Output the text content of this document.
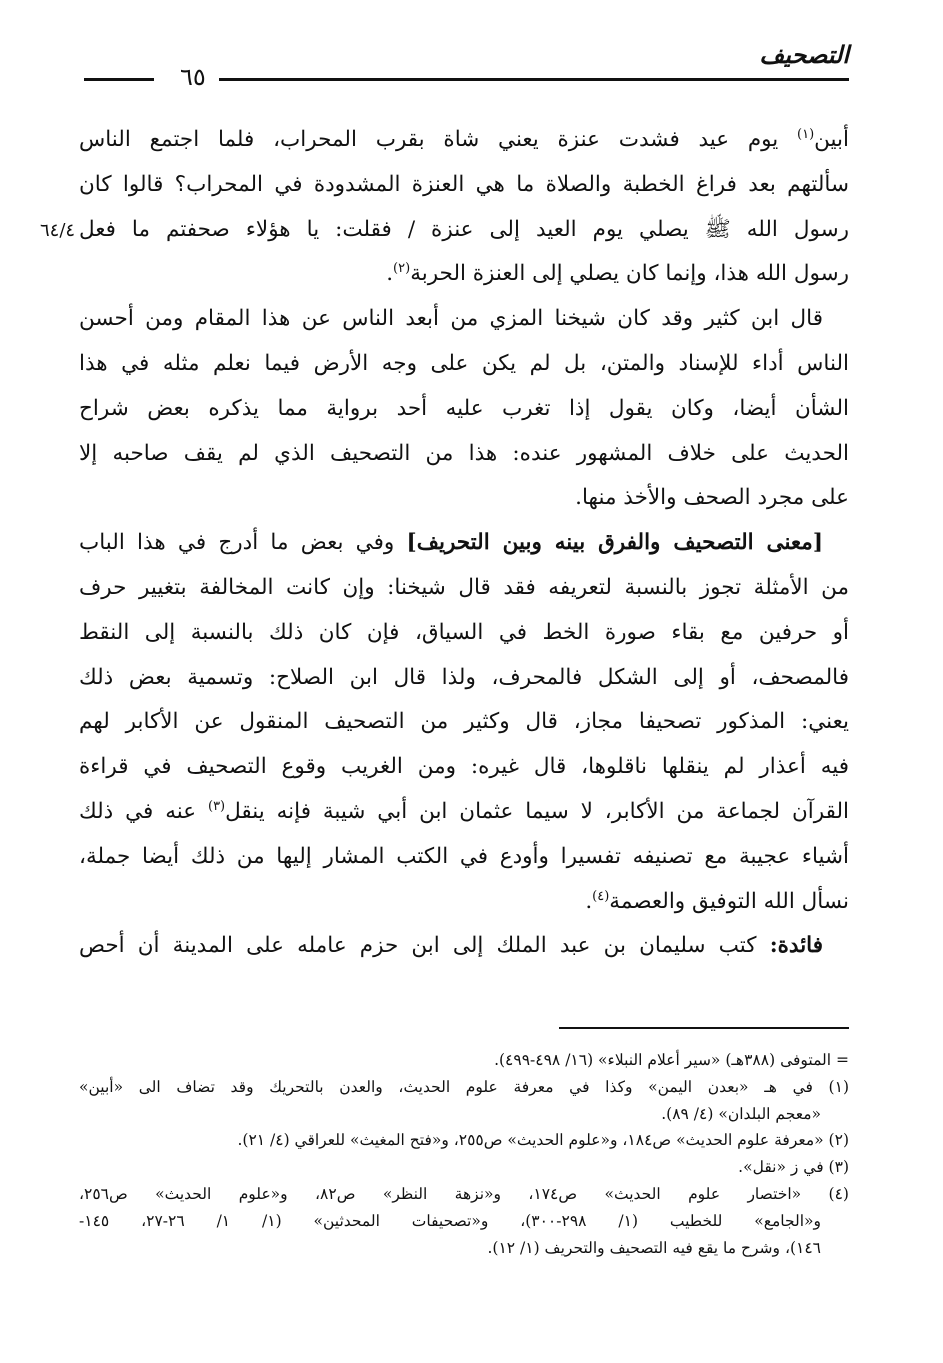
التصحيف
٦٥
٦٤/٤
أبين$^{(١)}$ يوم عيد فشدت عنزة يعني شاة بقرب المحراب، فلما اجتمع الناس
سألتهم بعد فراغ الخطبة والصلاة ما هي العنزة المشدودة في المحراب؟ قالوا كان
رسول الله ﷺ يصلي يوم العيد إلى عنزة / فقلت: يا هؤلاء صحفتم ما فعل
رسول الله هذا، وإنما كان يصلي إلى العنزة الحربة$^{(٢)}$.
قال ابن كثير وقد كان شيخنا المزي من أبعد الناس عن هذا المقام ومن أحسن
الناس أداء للإسناد والمتن، بل لم يكن على وجه الأرض فيما نعلم مثله في هذا
الشأن أيضا، وكان يقول إذا تغرب عليه أحد برواية مما يذكره بعض شراح
الحديث على خلاف المشهور عنده: هذا من التصحيف الذي لم يقف صاحبه إلا
على مجرد الصحف والأخذ منها.
[معنى التصحيف والفرق بينه وبين التحريف] وفي بعض ما أدرج في هذا الباب
من الأمثلة تجوز بالنسبة لتعريفه فقد قال شيخنا: وإن كانت المخالفة بتغيير حرف
أو حرفين مع بقاء صورة الخط في السياق، فإن كان ذلك بالنسبة إلى النقط
فالمصحف، أو إلى الشكل فالمحرف، ولذا قال ابن الصلاح: وتسمية بعض ذلك
يعني: المذكور تصحيفا مجاز، قال وكثير من التصحيف المنقول عن الأكابر لهم
فيه أعذار لم ينقلها ناقلوها، قال غيره: ومن الغريب وقوع التصحيف في قراءة
القرآن لجماعة من الأكابر، لا سيما عثمان ابن أبي شيبة فإنه ينقل$^{(٣)}$ عنه في ذلك
أشياء عجيبة مع تصنيفه تفسيرا وأودع في الكتب المشار إليها من ذلك أيضا جملة،
نسأل الله التوفيق والعصمة$^{(٤)}$.
فائدة: كتب سليمان بن عبد الملك إلى ابن حزم عامله على المدينة أن أحص
= المتوفى (٣٨٨هـ) «سير أعلام النبلاء» (١٦/ ٤٩٨-٤٩٩).
(١) في هـ «بعدن اليمن» وكذا في معرفة علوم الحديث، والعدن بالتحريك وقد تضاف الى «أبين»
«معجم البلدان» (٤/ ٨٩).
(٢) «معرفة علوم الحديث» ص١٨٤، و«علوم الحديث» ص٢٥٥، و«فتح المغيث» للعراقي (٤/ ٢١).
(٣) في ز «نقل».
(٤) «اختصار علوم الحديث» ص١٧٤، و«نزهة النظر» ص٨٢، و«علوم الحديث» ص٢٥٦،
و«الجامع» للخطيب (١/ ٢٩٨-٣٠٠)، و«تصحيفات المحدثين» (١/ ١/ ٢٦-٢٧، ١٤٥-
١٤٦)، وشرح ما يقع فيه التصحيف والتحريف (١/ ١٢).
